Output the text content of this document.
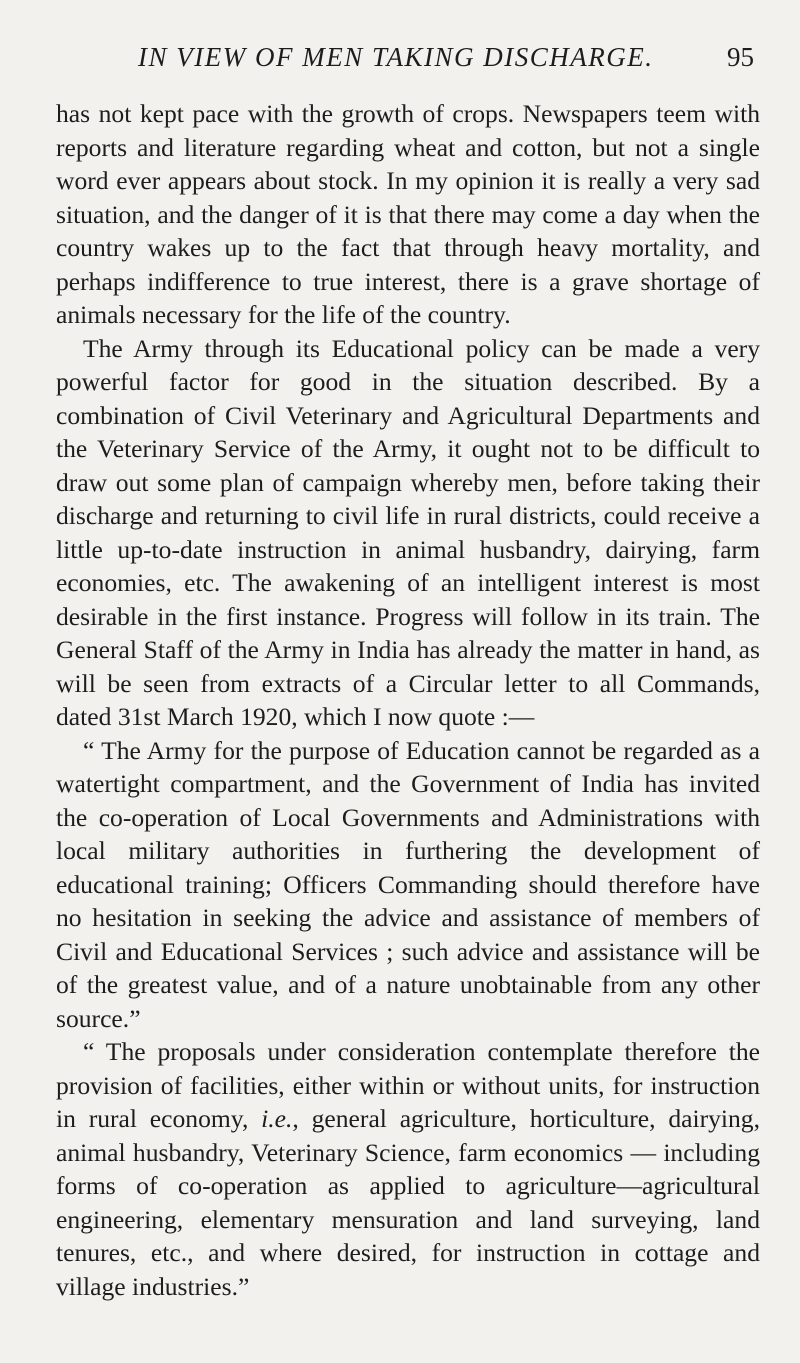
IN VIEW OF MEN TAKING DISCHARGE.	95

has not kept pace with the growth of crops. Newspapers teem with reports and literature regarding wheat and cotton, but not a single word ever appears about stock. In my opinion it is really a very sad situation, and the danger of it is that there may come a day when the country wakes up to the fact that through heavy mortality, and perhaps indifference to true interest, there is a grave shortage of animals necessary for the life of the country.

The Army through its Educational policy can be made a very powerful factor for good in the situation described. By a combination of Civil Veterinary and Agricultural Departments and the Veterinary Service of the Army, it ought not to be difficult to draw out some plan of campaign whereby men, before taking their discharge and returning to civil life in rural districts, could receive a little up-to-date instruction in animal husbandry, dairying, farm economies, etc. The awakening of an intelligent interest is most desirable in the first instance. Progress will follow in its train. The General Staff of the Army in India has already the matter in hand, as will be seen from extracts of a Circular letter to all Commands, dated 31st March 1920, which I now quote :—

“ The Army for the purpose of Education cannot be regarded as a watertight compartment, and the Government of India has invited the co-operation of Local Governments and Administrations with local military authorities in furthering the development of educational training; Officers Commanding should therefore have no hesitation in seeking the advice and assistance of members of Civil and Educational Services ; such advice and assistance will be of the greatest value, and of a nature unobtainable from any other source.”

“ The proposals under consideration contemplate therefore the provision of facilities, either within or without units, for instruction in rural economy, i.e., general agriculture, horticulture, dairying, animal husbandry, Veterinary Science, farm economics — including forms of co-operation as applied to agriculture—agricultural engineering, elementary mensuration and land surveying, land tenures, etc., and where desired, for instruction in cottage and village industries.”
